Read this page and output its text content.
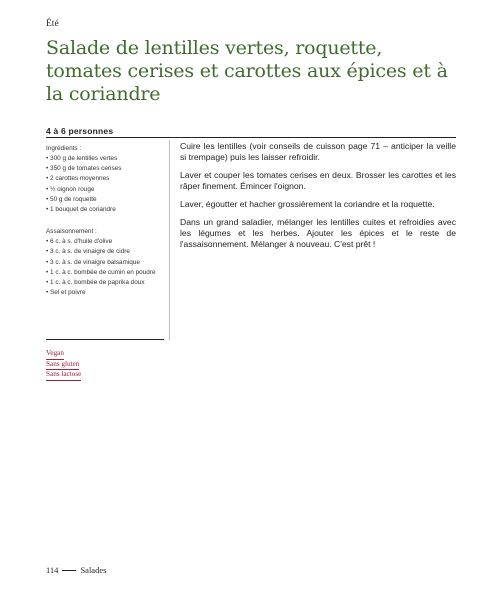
Été
Salade de lentilles vertes, roquette, tomates cerises et carottes aux épices et à la coriandre
4 à 6 personnes
Ingrédients :
• 300 g de lentilles vertes
• 350 g de tomates cerises
• 2 carottes moyennes
• ½ oignon rouge
• 50 g de roquette
• 1 bouquet de coriandre
Assaisonnement :
• 6 c. à s. d'huile d'olive
• 3 c. à s. de vinaigre de cidre
• 3 c. à s. de vinaigre balsamique
• 1 c. à c. bombée de cumin en poudre
• 1 c. à c. bombée de paprika doux
• Sel et poivre
Vegan
Sans gluten
Sans lactose

Cuire les lentilles (voir conseils de cuisson page 71 – anticiper la veille si trempage) puis les laisser refroidir.

Laver et couper les tomates cerises en deux. Brosser les carottes et les râper finement. Émincer l'oignon.

Laver, égoutter et hacher grossièrement la coriandre et la roquette.

Dans un grand saladier, mélanger les lentilles cuites et refroidies avec les légumes et les herbes. Ajouter les épices et le reste de l'assaisonnement. Mélanger à nouveau. C'est prêt !

114	Salades
